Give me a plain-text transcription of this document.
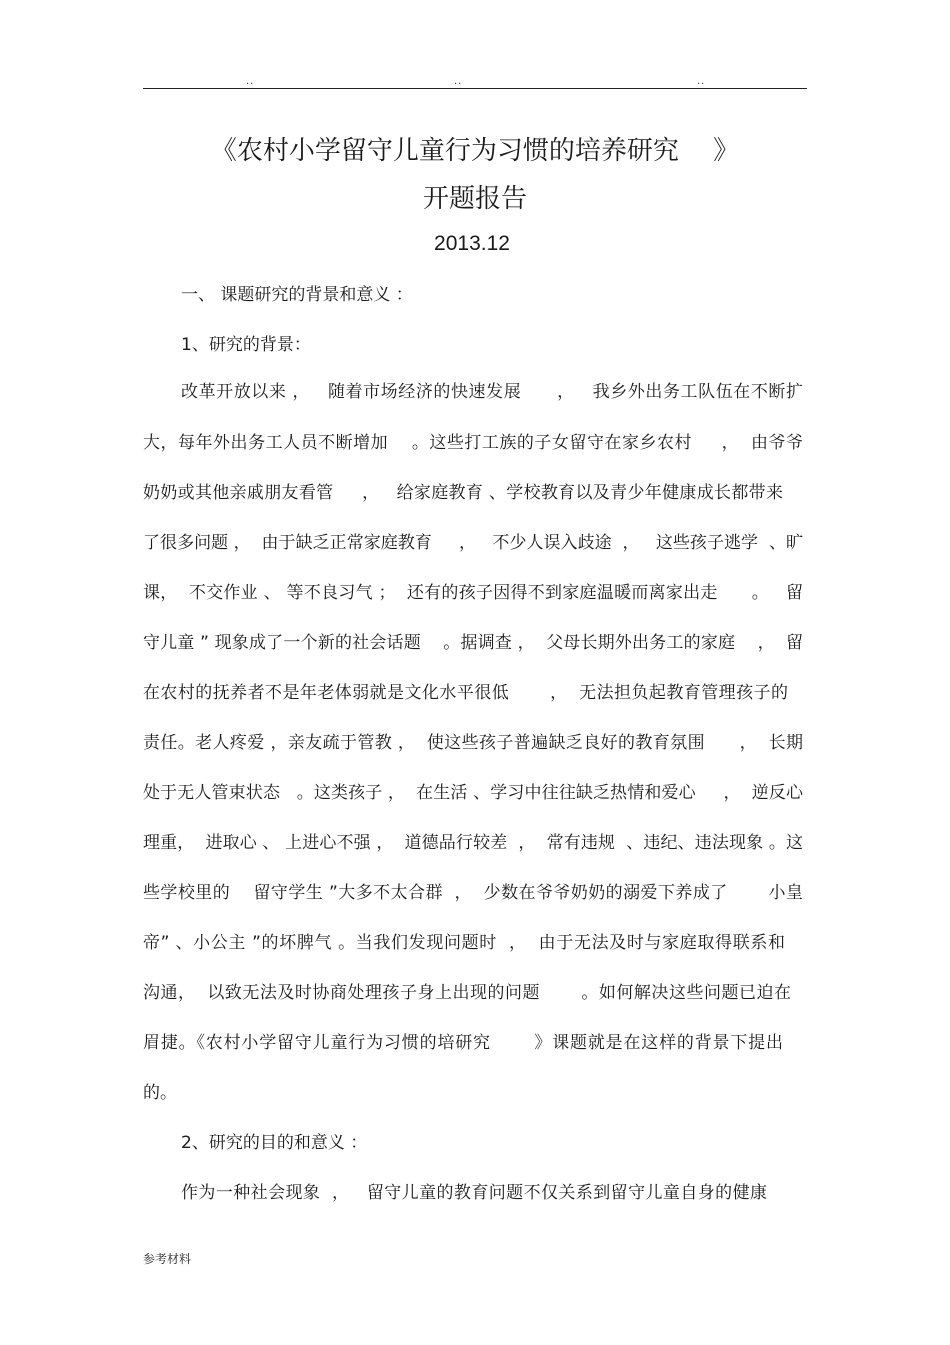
..	..	..
《农村小学留守儿童行为习惯的培养研究　 》
开题报告
2013.12
一、 课题研究的背景和意义 ：
1、研究的背景：
改革开放以来 ，   随着市场经济的快速发展      ，   我乡外出务工队伍在不断扩
大，每年外出务工人员不断增加    。这些打工族的子女留守在家乡农村     ，  由爷爷
奶奶或其他亲戚朋友看管     ，   给家庭教育 、学校教育以及青少年健康成长都带来
了很多问题 ，  由于缺乏正常家庭教育     ，   不少人误入歧途  ，   这些孩子逃学  、旷
课，  不交作业 、 等不良习气 ；  还有的孩子因得不到家庭温暖而离家出走      。   留
守儿童 ” 现象成了一个新的社会话题    。据调查 ，  父母长期外出务工的家庭    ，  留
在农村的抚养者不是年老体弱就是文化水平很低       ，  无法担负起教育管理孩子的
责任。老人疼爱 ，亲友疏于管教 ，  使这些孩子普遍缺乏良好的教育氛围      ，  长期
处于无人管束状态   。这类孩子 ，  在生活 、学习中往往缺乏热情和爱心     ，  逆反心
理重，  进取心 、 上进心不强 ，  道德品行较差  ，  常有违规  、违纪、违法现象 。这
些学校里的    留守学生 ”大多不太合群  ，  少数在爷爷奶奶的溺爱下养成了       小皇
帝” 、小公主 ”的坏脾气 。当我们发现问题时  ，  由于无法及时与家庭取得联系和
沟通，  以致无法及时协商处理孩子身上出现的问题       。如何解决这些问题已迫在
眉捷。《农村小学留守儿童行为习惯的培研究       》课题就是在这样的背景下提出
的。
2、研究的目的和意义 ：
作为一种社会现象  ，   留守儿童的教育问题不仅关系到留守儿童自身的健康
参考材料
